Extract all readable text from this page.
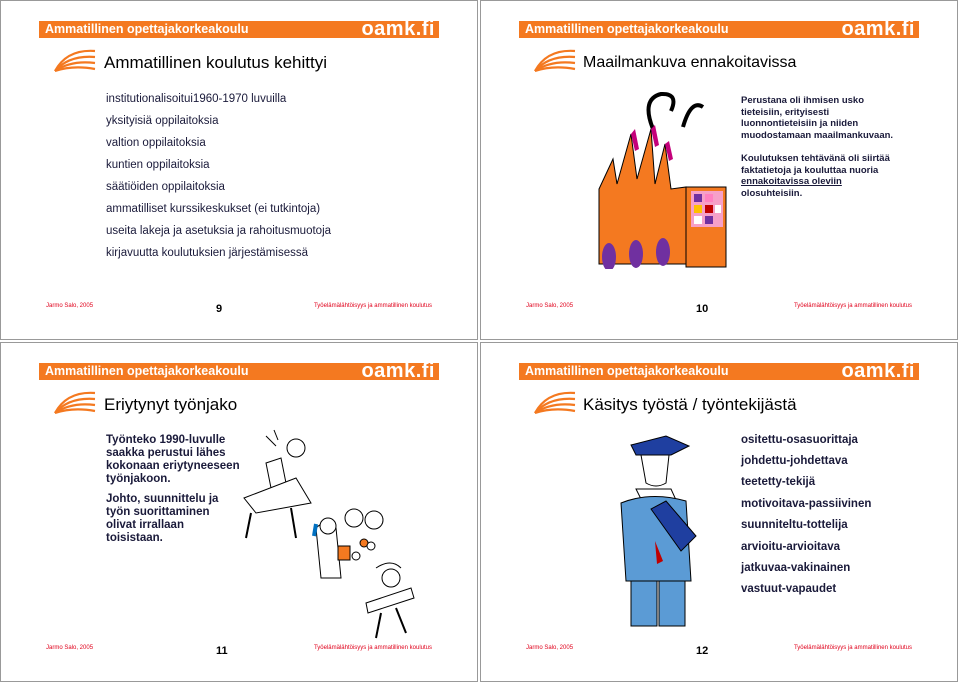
Ammatillinen opettajakorkeakoulu	oamk.fi
Ammatillinen koulutus kehittyi
institutionalisoitui1960-1970 luvuilla
yksityisiä oppilaitoksia
valtion oppilaitoksia
kuntien oppilaitoksia
säätiöiden oppilaitoksia
ammatilliset kurssikeskukset (ei tutkintoja)
useita lakeja ja asetuksia ja rahoitusmuotoja
kirjavuutta koulutuksien järjestämisessä
Jarmo Salo, 2005	9	Työelämälähtöisyys ja ammatillinen koulutus
Ammatillinen opettajakorkeakoulu	oamk.fi
Maailmankuva ennakoitavissa

Perustana oli ihmisen usko

tieteisiin, erityisesti

luonnontieteisiin ja niiden

muodostamaan maailmankuvaan.

Koulutuksen tehtävänä oli siirtää

faktatietoja ja kouluttaa nuoria

ennakoitavissa oleviin

olosuhteisiin.

Jarmo Salo, 2005	10	Työelämälähtöisyys ja ammatillinen koulutus
Ammatillinen opettajakorkeakoulu	oamk.fi
Eriytynyt työnjako

Työnteko 1990-luvulle

saakka perustui lähes

kokonaan eriytyneeseen

työnjakoon.

Johto, suunnittelu ja

työn suorittaminen

olivat irrallaan

toisistaan.

Jarmo Salo, 2005	11	Työelämälähtöisyys ja ammatillinen koulutus
Ammatillinen opettajakorkeakoulu	oamk.fi
Käsitys työstä / työntekijästä
ositettu-osasuorittaja
johdettu-johdettava
teetetty-tekijä
motivoitava-passiivinen
suunniteltu-tottelija
arvioitu-arvioitava
jatkuvaa-vakinainen
vastuut-vapaudet
Jarmo Salo, 2005	12	Työelämälähtöisyys ja ammatillinen koulutus
